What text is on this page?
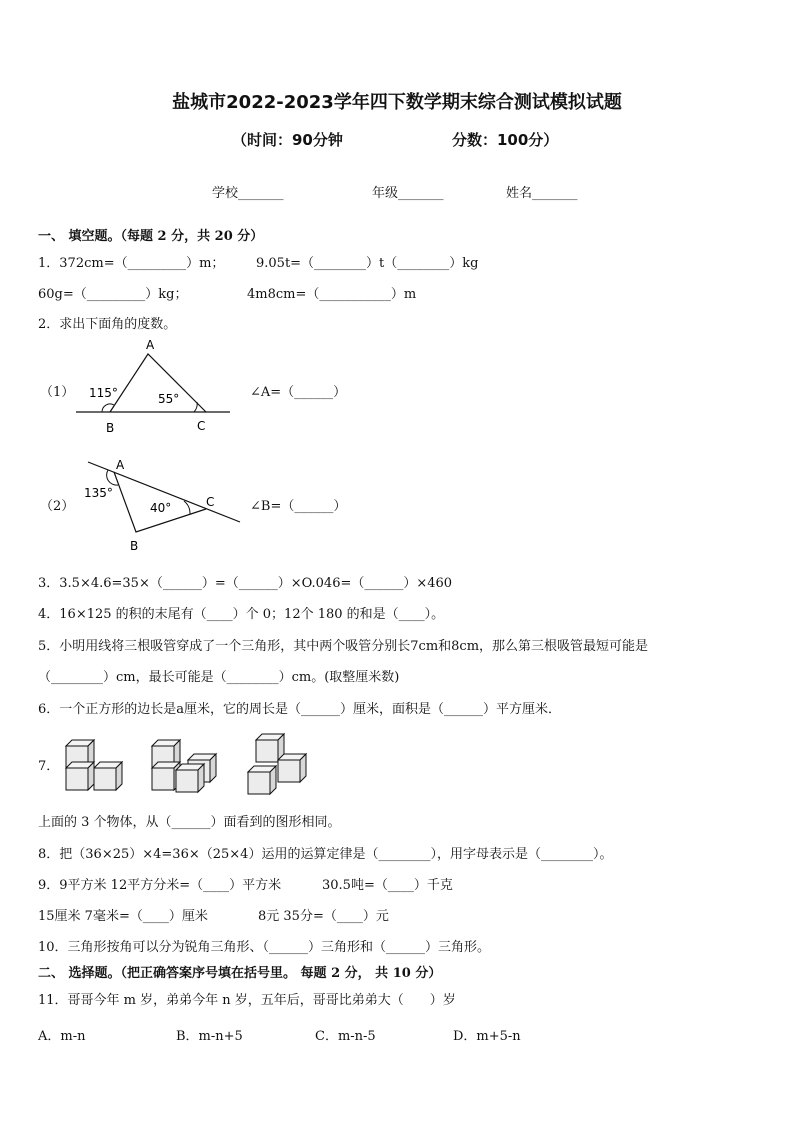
盐城市2022-2023学年四下数学期末综合测试模拟试题
（时间：90分钟	分数：100分）
学校_______	年级_______	姓名_______
一、 填空题。（每题 2 分，共 20 分）
1．372cm=（_________）m； 9.05t=（________）t（________）kg
60g=（_________）kg；	4m8cm=（___________）m
2．求出下面角的度数。
（1）
A
B	C
115°	55°	∠A=（______）
（2）
A
B
C
135°
40°	∠B=（______）
3．3.5×4.6=35×（______）=（______）×O.046=（______）×460
4．16×125 的积的末尾有（____）个 0；12个 180 的和是（____）。
5．小明用线将三根吸管穿成了一个三角形，其中两个吸管分别长7cm和8cm，那么第三根吸管最短可能是
（________）cm，最长可能是（________）cm。(取整厘米数)
6．一个正方形的边长是a厘米，它的周长是（______）厘米，面积是（______）平方厘米．
7．
上面的 3 个物体，从（______）面看到的图形相同。
8．把（36×25）×4=36×（25×4）运用的运算定律是（________），用字母表示是（________）。
9．9平方米 12平方分米=（____）平方米	30.5吨=（____）千克
15厘米 7毫米=（____）厘米	8元 35分=（____）元
10．三角形按角可以分为锐角三角形、（______）三角形和（______）三角形。
二、 选择题。（把正确答案序号填在括号里。 每题 2 分， 共 10 分）
11．哥哥今年 m 岁，弟弟今年 n 岁，五年后，哥哥比弟弟大（　　）岁
A．m-n	B．m-n+5	C．m-n-5	D．m+5-n
